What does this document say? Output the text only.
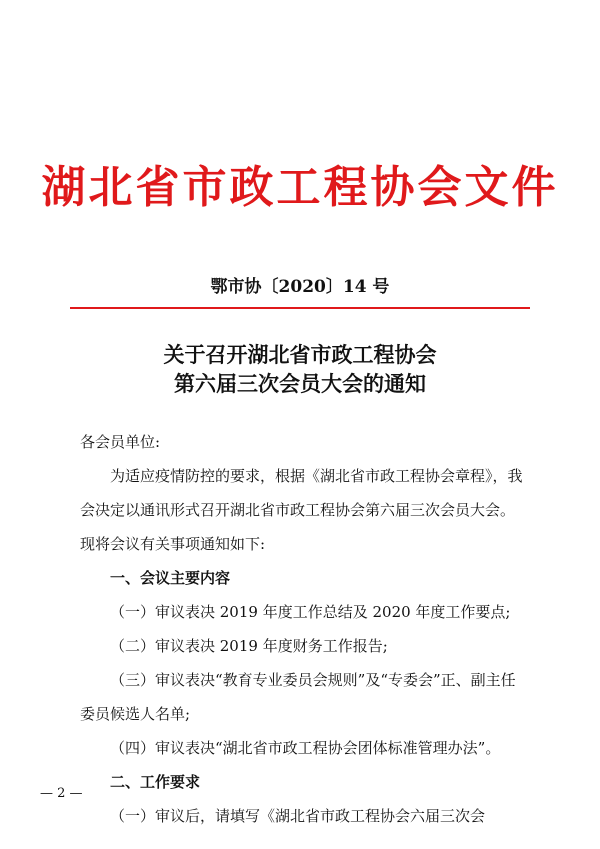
湖北省市政工程协会文件
鄂市协〔2020〕14 号
关于召开湖北省市政工程协会
第六届三次会员大会的通知

各会员单位:

为适应疫情防控的要求，根据《湖北省市政工程协会章程》，我会决定以通讯形式召开湖北省市政工程协会第六届三次会员大会。现将会议有关事项通知如下:

一、会议主要内容

（一）审议表决 2019 年度工作总结及 2020 年度工作要点;

（二）审议表决 2019 年度财务工作报告;

（三）审议表决“教育专业委员会规则”及“专委会”正、副主任委员候选人名单;

（四）审议表决“湖北省市政工程协会团体标准管理办法”。

二、工作要求

（一）审议后，请填写《湖北省市政工程协会六届三次会

— 2 —
